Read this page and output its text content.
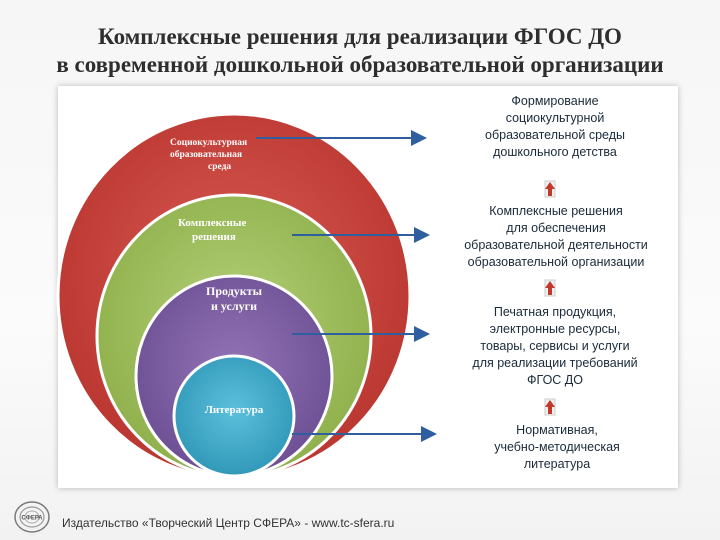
Комплексные решения для реализации ФГОС ДО
в современной дошкольной образовательной организации
Социокультурная
образовательная
среда
Комплексные
решения
Продукты
и услуги
Литература
Формирование
социокультурной
образовательной среды
дошкольного детства
Комплексные решения
для обеспечения
образовательной деятельности
образовательной организации
Печатная продукция,
электронные ресурсы,
товары, сервисы и услуги
для реализации требований
ФГОС ДО
Нормативная,
учебно-методическая
литература
СФЕРА Издательство «Творческий Центр СФЕРА» - www.tc-sfera.ru
